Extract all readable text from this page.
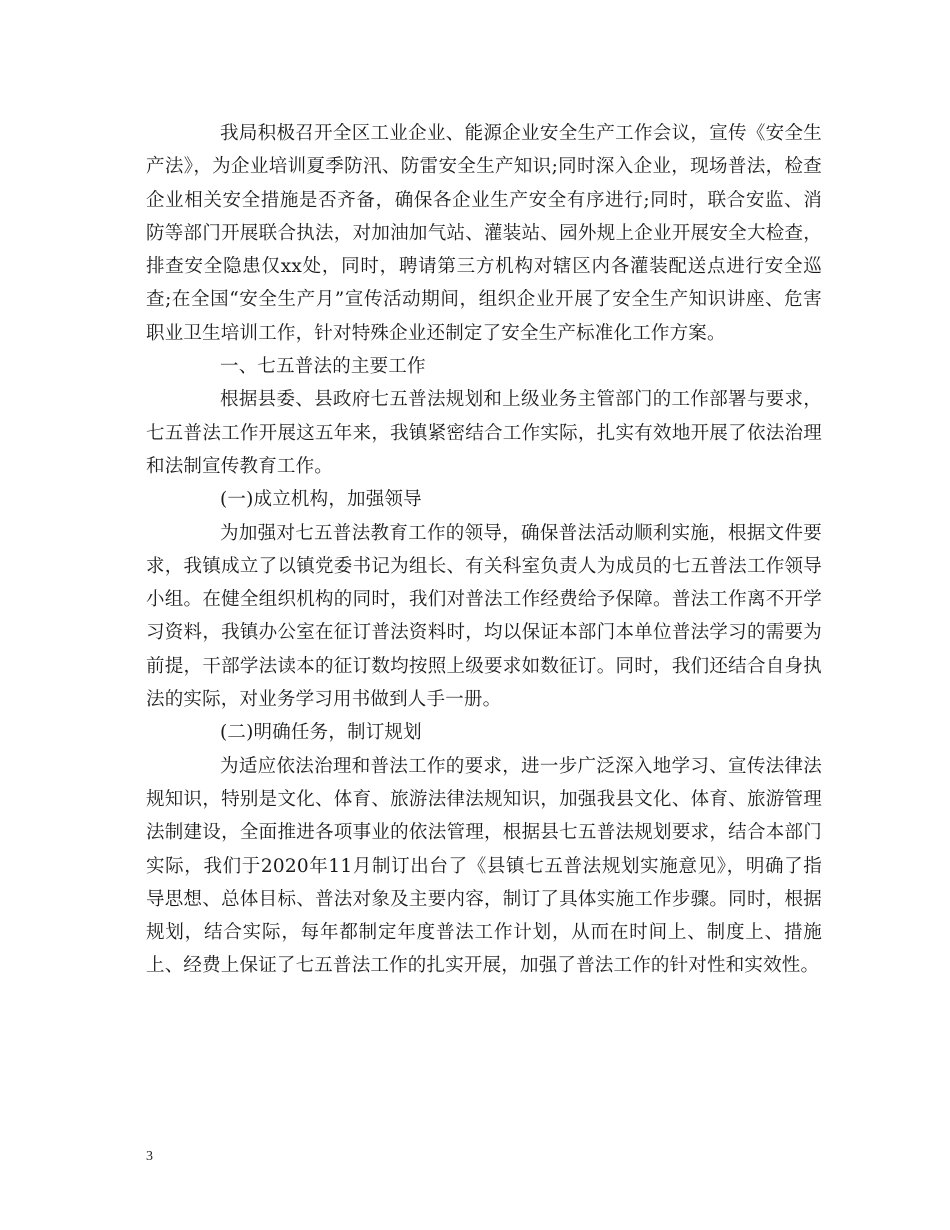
我局积极召开全区工业企业、能源企业安全生产工作会议，宣传《安全生产法》，为企业培训夏季防汛、防雷安全生产知识;同时深入企业，现场普法，检查企业相关安全措施是否齐备，确保各企业生产安全有序进行;同时，联合安监、消防等部门开展联合执法，对加油加气站、灌装站、园外规上企业开展安全大检查，排查安全隐患仅xx处，同时，聘请第三方机构对辖区内各灌装配送点进行安全巡查;在全国“安全生产月”宣传活动期间，组织企业开展了安全生产知识讲座、危害职业卫生培训工作，针对特殊企业还制定了安全生产标准化工作方案。

一、七五普法的主要工作

根据县委、县政府七五普法规划和上级业务主管部门的工作部署与要求，七五普法工作开展这五年来，我镇紧密结合工作实际，扎实有效地开展了依法治理和法制宣传教育工作。

(一)成立机构，加强领导

为加强对七五普法教育工作的领导，确保普法活动顺利实施，根据文件要求，我镇成立了以镇党委书记为组长、有关科室负责人为成员的七五普法工作领导小组。在健全组织机构的同时，我们对普法工作经费给予保障。普法工作离不开学习资料，我镇办公室在征订普法资料时，均以保证本部门本单位普法学习的需要为前提，干部学法读本的征订数均按照上级要求如数征订。同时，我们还结合自身执法的实际，对业务学习用书做到人手一册。

(二)明确任务，制订规划

为适应依法治理和普法工作的要求，进一步广泛深入地学习、宣传法律法规知识，特别是文化、体育、旅游法律法规知识，加强我县文化、体育、旅游管理法制建设，全面推进各项事业的依法管理，根据县七五普法规划要求，结合本部门实际，我们于2020年11月制订出台了《县镇七五普法规划实施意见》，明确了指导思想、总体目标、普法对象及主要内容，制订了具体实施工作步骤。同时，根据规划，结合实际，每年都制定年度普法工作计划，从而在时间上、制度上、措施上、经费上保证了七五普法工作的扎实开展，加强了普法工作的针对性和实效性。

3
